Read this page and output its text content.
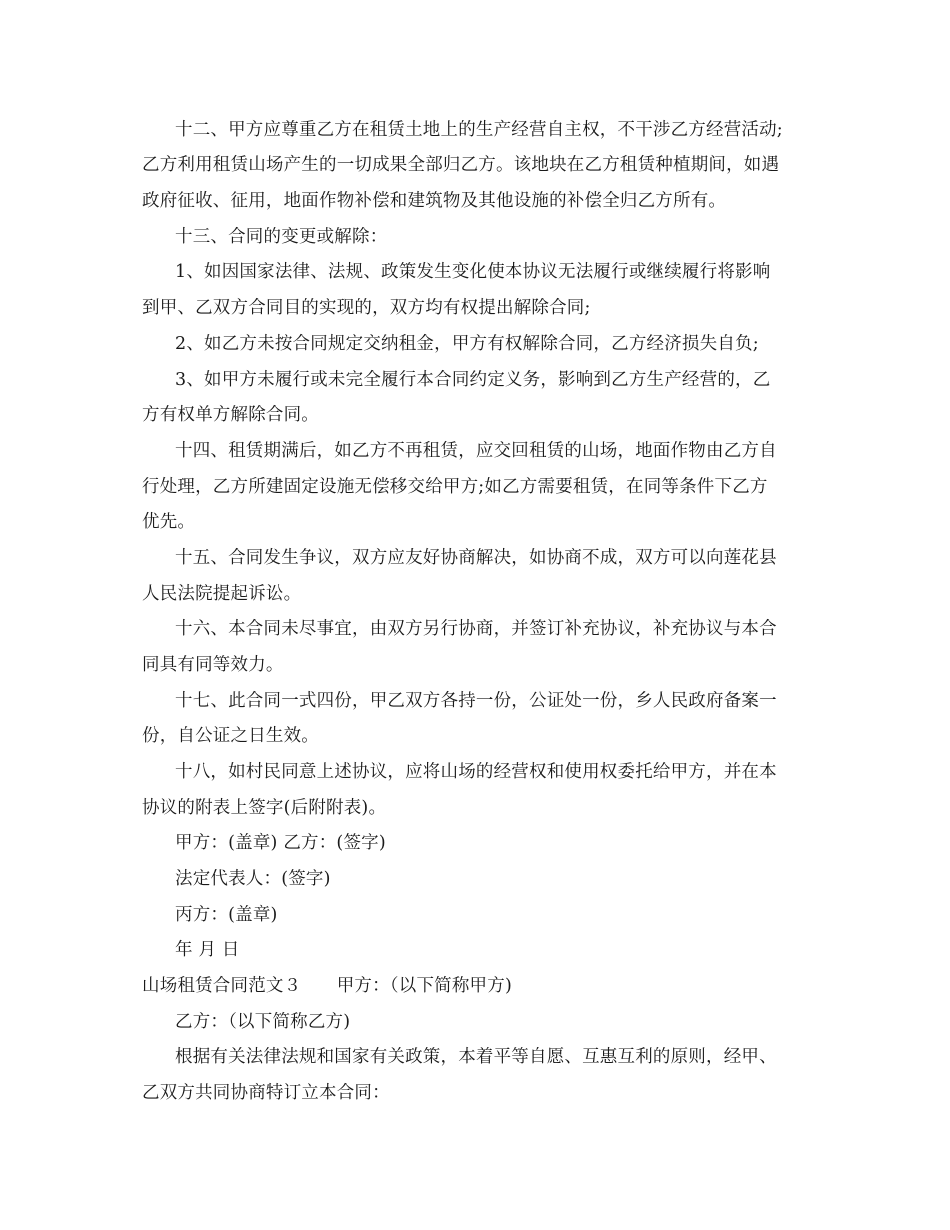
十二、甲方应尊重乙方在租赁土地上的生产经营自主权，不干涉乙方经营活动;
乙方利用租赁山场产生的一切成果全部归乙方。该地块在乙方租赁种植期间，如遇
政府征收、征用，地面作物补偿和建筑物及其他设施的补偿全归乙方所有。
十三、合同的变更或解除：
1、如因国家法律、法规、政策发生变化使本协议无法履行或继续履行将影响
到甲、乙双方合同目的实现的，双方均有权提出解除合同;
2、如乙方未按合同规定交纳租金，甲方有权解除合同，乙方经济损失自负;
3、如甲方未履行或未完全履行本合同约定义务，影响到乙方生产经营的，乙
方有权单方解除合同。
十四、租赁期满后，如乙方不再租赁，应交回租赁的山场，地面作物由乙方自
行处理，乙方所建固定设施无偿移交给甲方;如乙方需要租赁，在同等条件下乙方
优先。
十五、合同发生争议，双方应友好协商解决，如协商不成，双方可以向莲花县
人民法院提起诉讼。
十六、本合同未尽事宜，由双方另行协商，并签订补充协议，补充协议与本合
同具有同等效力。
十七、此合同一式四份，甲乙双方各持一份，公证处一份，乡人民政府备案一
份，自公证之日生效。
十八，如村民同意上述协议，应将山场的经营权和使用权委托给甲方，并在本
协议的附表上签字(后附附表)。
甲方：(盖章) 乙方：(签字)
法定代表人：(签字)
丙方：(盖章)
年 月 日
山场租赁合同范文３　　甲方：（以下简称甲方)
乙方：（以下简称乙方)
根据有关法律法规和国家有关政策，本着平等自愿、互惠互利的原则，经甲、
乙双方共同协商特订立本合同：
